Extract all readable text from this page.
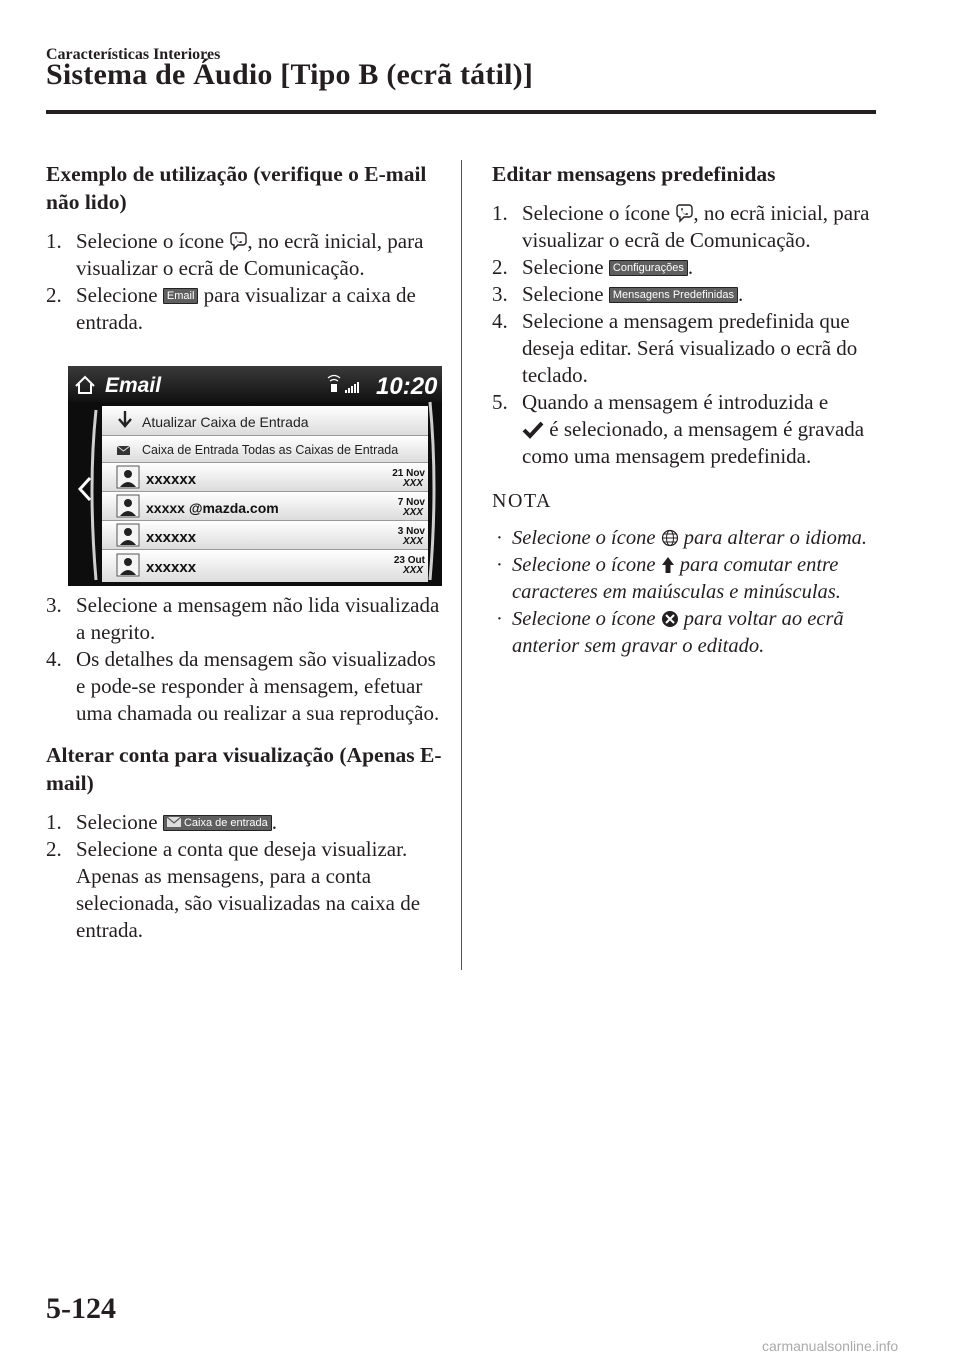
Características Interiores
Sistema de Áudio [Tipo B (ecrã tátil)]
Exemplo de utilização (verifique o E-mail não lido)
1. Selecione o ícone , no ecrã inicial, para visualizar o ecrã de Comunicação.
2. Selecione Email para visualizar a caixa de entrada.
Email	10:20
Atualizar Caixa de Entrada
Caixa de Entrada Todas as Caixas de Entrada
xxxxxx
xxxxx @mazda.com
xxxxxx
xxxxxx
21 Nov
XXX
7 Nov
XXX
3 Nov
XXX
23 Out
XXX
3. Selecione a mensagem não lida visualizada a negrito.
4. Os detalhes da mensagem são visualizados e pode-se responder à mensagem, efetuar uma chamada ou realizar a sua reprodução.
Alterar conta para visualização (Apenas E-mail)
1. Selecione Caixa de entrada .
2. Selecione a conta que deseja visualizar. Apenas as mensagens, para a conta selecionada, são visualizadas na caixa de entrada.
Editar mensagens predefinidas
1. Selecione o ícone , no ecrã inicial, para visualizar o ecrã de Comunicação.
2. Selecione Configurações .
3. Selecione Mensagens Predefinidas .
4. Selecione a mensagem predefinida que deseja editar. Será visualizado o ecrã do teclado.
5. Quando a mensagem é introduzida e
é selecionado, a mensagem é gravada como uma mensagem predefinida.
NOTA
· Selecione o ícone  para alterar o idioma.
· Selecione o ícone  para comutar entre caracteres em maiúsculas e minúsculas.
· Selecione o ícone  para voltar ao ecrã anterior sem gravar o editado.
5-124
carmanualsonline.info
